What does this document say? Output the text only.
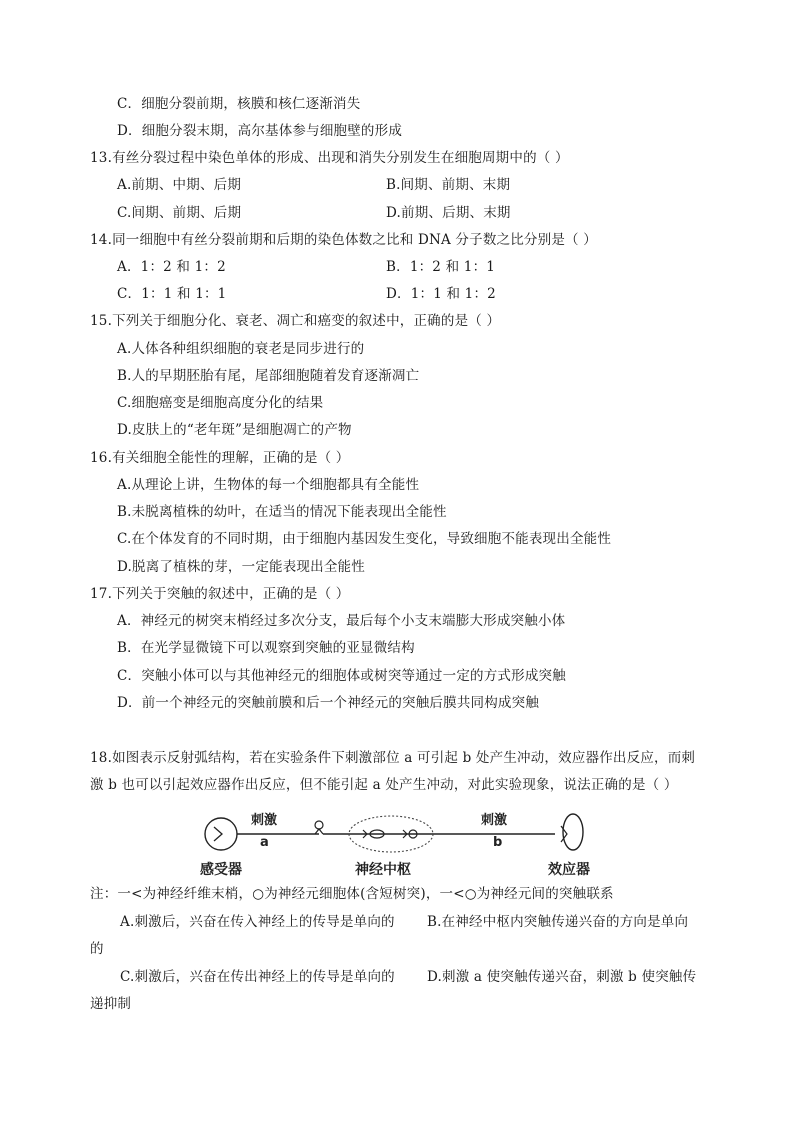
C．细胞分裂前期，核膜和核仁逐渐消失
D．细胞分裂末期，高尔基体参与细胞壁的形成
13.有丝分裂过程中染色单体的形成、出现和消失分别发生在细胞周期中的（ ）
A.前期、中期、后期	B.间期、前期、末期
C.间期、前期、后期	D.前期、后期、末期
14.同一细胞中有丝分裂前期和后期的染色体数之比和 DNA 分子数之比分别是（ ）
A．1：2 和 1：2	B．1：2 和 1：1
C．1：1 和 1：1	D．1：1 和 1：2
15.下列关于细胞分化、衰老、凋亡和癌变的叙述中，正确的是（ ）
A.人体各种组织细胞的衰老是同步进行的
B.人的早期胚胎有尾，尾部细胞随着发育逐渐凋亡
C.细胞癌变是细胞高度分化的结果
D.皮肤上的“老年斑”是细胞凋亡的产物
16.有关细胞全能性的理解，正确的是（ ）
A.从理论上讲，生物体的每一个细胞都具有全能性
B.未脱离植株的幼叶，在适当的情况下能表现出全能性
C.在个体发育的不同时期，由于细胞内基因发生变化，导致细胞不能表现出全能性
D.脱离了植株的芽，一定能表现出全能性
17.下列关于突触的叙述中，正确的是（ ）
A．神经元的树突末梢经过多次分支，最后每个小支末端膨大形成突触小体
B．在光学显微镜下可以观察到突触的亚显微结构
C．突触小体可以与其他神经元的细胞体或树突等通过一定的方式形成突触
D．前一个神经元的突触前膜和后一个神经元的突触后膜共同构成突触
18.如图表示反射弧结构，若在实验条件下刺激部位 a 可引起 b 处产生冲动，效应器作出反应，而刺
激 b 也可以引起效应器作出反应，但不能引起 a 处产生冲动，对此实验现象，说法正确的是（ ）
刺激
a
刺激
b
感受器	神经中枢	效应器
注：一<为神经纤维末梢，○为神经元细胞体(含短树突)，一<○为神经元间的突触联系
A.刺激后，兴奋在传入神经上的传导是单向的 B.在神经中枢内突触传递兴奋的方向是单向
的
C.刺激后，兴奋在传出神经上的传导是单向的 D.刺激 a 使突触传递兴奋，刺激 b 使突触传
递抑制
